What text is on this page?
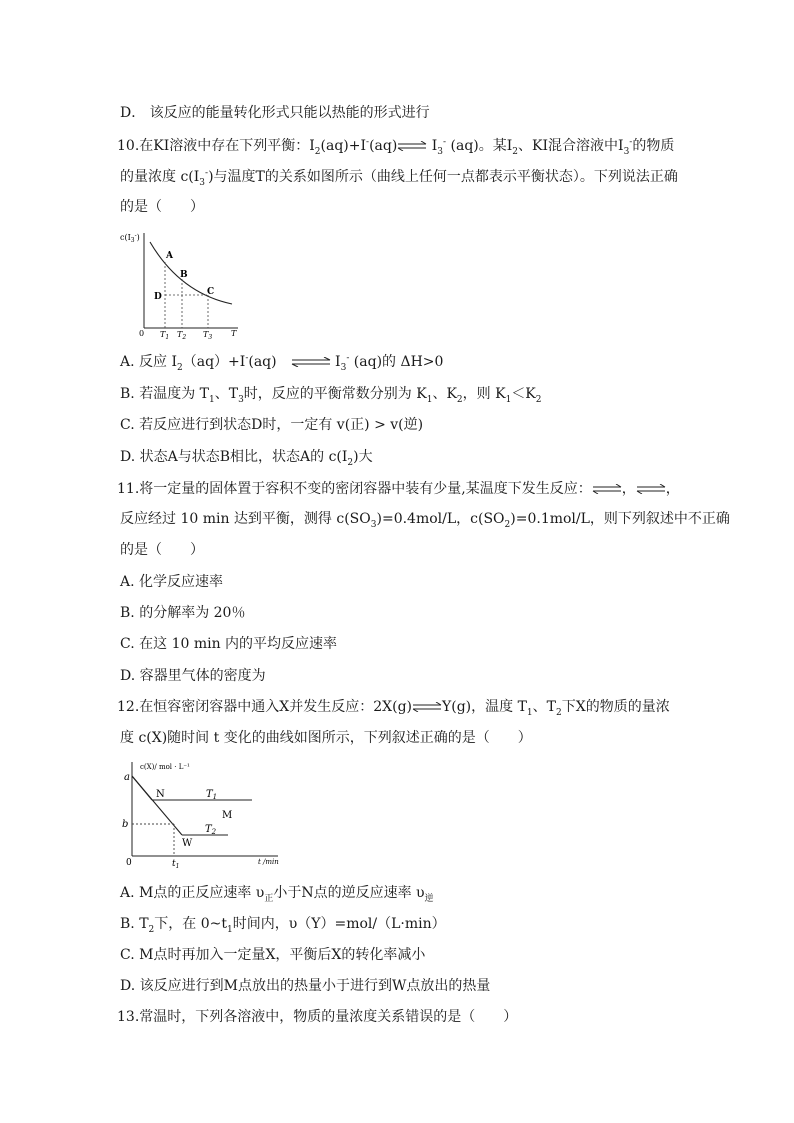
D． 该反应的能量转化形式只能以热能的形式进行
10.在KI溶液中存在下列平衡：$I_2(aq)+I^-(aq)\rightleftharpoons$ $I_3^-$ (aq)。某$I_2$、KI混合溶液中$I_3^-$的物质
的量浓度 $c(I_3^-)$与温度T的关系如图所示（曲线上任何一点都表示平衡状态）。下列说法正确
的是（　　）
$c(I_3^-)$
A
B
C
D
0 $T_1$ $T_2$ $T_3$ T
A. 反应 $I_2(aq)+I^-(aq)$　 ⇌ $I_3^-$ (aq)的 ΔH>0
B. 若温度为 $T_1$、$T_3$时，反应的平衡常数分别为 $K_1$、$K_2$，则 $K_1<K_2$
C. 若反应进行到状态D时，一定有 v(正) > v(逆)
D. 状态A与状态B相比，状态A的 $c(I_2)$大
11.将一定量的固体置于容积不变的密闭容器中装有少量,某温度下发生反应：⇌，⇌，
反应经过 10 min 达到平衡，测得 $c(SO_3)=0.4mol/L$，$c(SO_2)=0.1mol/L$，则下列叙述中不正确
的是（　　）
A. 化学反应速率
B. 的分解率为 20％
C. 在这 10 min 内的平均反应速率
D. 容器里气体的密度为
12.在恒容密闭容器中通入X并发生反应：2X(g)⇌Y(g)，温度 $T_1$、$T_2$下X的物质的量浓
度 c(X)随时间 t 变化的曲线如图所示，下列叙述正确的是（　　）
c(X)/ mol · L⁻¹
a
b
N	$T_1$
M
$T_2$
W
0	$t_1$
t /min
A. M点的正反应速率 $\upsilon_正$小于N点的逆反应速率 $\upsilon_逆$
B. $T_2$下，在 $0\sim t_1$时间内，υ（Y）=mol/（L·min）
C. M点时再加入一定量X，平衡后X的转化率减小
D. 该反应进行到M点放出的热量小于进行到W点放出的热量
13.常温时，下列各溶液中，物质的量浓度关系错误的是（　　）
